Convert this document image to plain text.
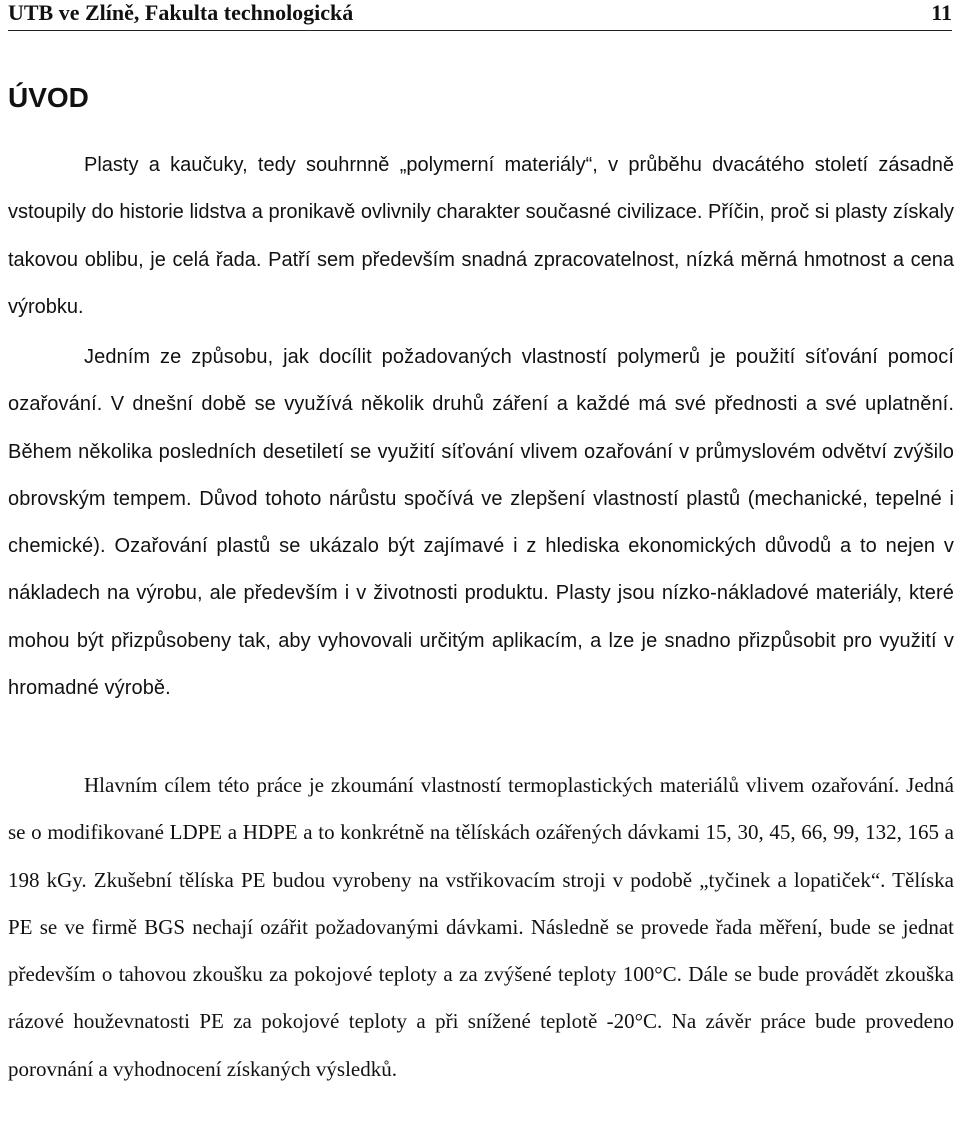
UTB ve Zlíně, Fakulta technologická	11
ÚVOD

Plasty a kaučuky, tedy souhrnně „polymerní materiály“, v průběhu dvacátého století zásadně vstoupily do historie lidstva a pronikavě ovlivnily charakter současné civilizace. Příčin, proč si plasty získaly takovou oblibu, je celá řada. Patří sem především snadná zpracovatelnost, nízká měrná hmotnost a cena výrobku.

Jedním ze způsobu, jak docílit požadovaných vlastností polymerů je použití síťování pomocí ozařování. V dnešní době se využívá několik druhů záření a každé má své přednosti a své uplatnění. Během několika posledních desetiletí se využití síťování vlivem ozařování v průmyslovém odvětví zvýšilo obrovským tempem. Důvod tohoto nárůstu spočívá ve zlepšení vlastností plastů (mechanické, tepelné i chemické). Ozařování plastů se ukázalo být zajímavé i z hlediska ekonomických důvodů a to nejen v nákladech na výrobu, ale především i v životnosti produktu. Plasty jsou nízko-nákladové materiály, které mohou být přizpůsobeny tak, aby vyhovovali určitým aplikacím, a lze je snadno přizpůsobit pro využití v hromadné výrobě.

Hlavním cílem této práce je zkoumání vlastností termoplastických materiálů vlivem ozařování. Jedná se o modifikované LDPE a HDPE a to konkrétně na tělískách ozářených dávkami 15, 30, 45, 66, 99, 132, 165 a 198 kGy. Zkušební tělíska PE budou vyrobeny na vstřikovacím stroji v podobě „tyčinek a lopatiček“. Tělíska PE se ve firmě BGS nechají ozářit požadovanými dávkami. Následně se provede řada měření, bude se jednat především o tahovou zkoušku za pokojové teploty a za zvýšené teploty 100°C. Dále se bude provádět zkouška rázové houževnatosti PE za pokojové teploty a při snížené teplotě -20°C. Na závěr práce bude provedeno porovnání a vyhodnocení získaných výsledků.
